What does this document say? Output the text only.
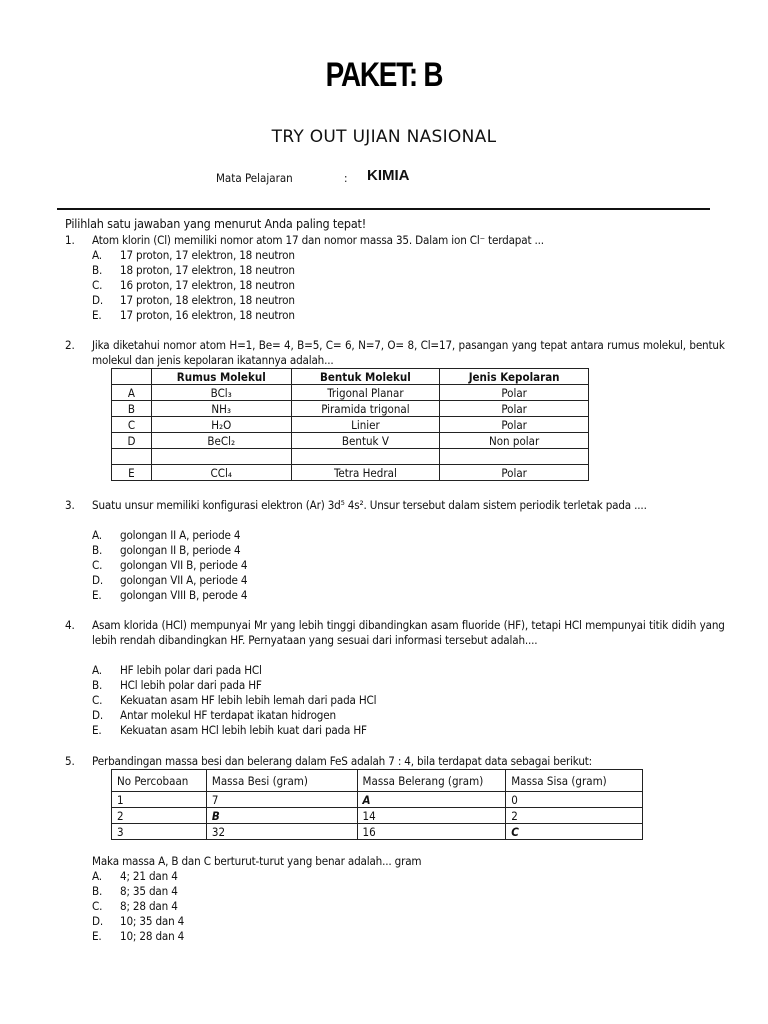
PAKET: B
TRY OUT UJIAN NASIONAL
Mata Pelajaran	: KIMIA
Pilihlah satu jawaban yang menurut Anda paling tepat!
1. Atom klorin (Cl) memiliki nomor atom 17 dan nomor massa 35. Dalam ion Cl⁻ terdapat ...
A. 17 proton, 17 elektron, 18 neutron
B. 18 proton, 17 elektron, 18 neutron
C. 16 proton, 17 elektron, 18 neutron
D. 17 proton, 18 elektron, 18 neutron
E. 17 proton, 16 elektron, 18 neutron
2. Jika diketahui nomor atom H=1, Be= 4, B=5, C= 6, N=7, O= 8, Cl=17, pasangan yang tepat antara rumus molekul, bentuk molekul dan jenis kepolaran ikatannya adalah...
	Rumus Molekul	Bentuk Molekul	Jenis Kepolaran
A	BCl₃	Trigonal Planar	Polar
B	NH₃	Piramida trigonal	Polar
C	H₂O	Linier	Polar
D	BeCl₂	Bentuk V	Non polar

E	CCl₄	Tetra Hedral	Polar
3. Suatu unsur memiliki konfigurasi elektron (Ar) 3d⁵ 4s². Unsur tersebut dalam sistem periodik terletak pada ....
A. golongan II A, periode 4
B. golongan II B, periode 4
C. golongan VII B, periode 4
D. golongan VII A, periode 4
E. golongan VIII B, perode 4
4. Asam klorida (HCl) mempunyai Mr yang lebih tinggi dibandingkan asam fluoride (HF), tetapi HCl mempunyai titik didih yang lebih rendah dibandingkan HF. Pernyataan yang sesuai dari informasi tersebut adalah....
A. HF lebih polar dari pada HCl
B. HCl lebih polar dari pada HF
C. Kekuatan asam HF lebih lebih lemah dari pada HCl
D. Antar molekul HF terdapat ikatan hidrogen
E. Kekuatan asam HCl lebih lebih kuat dari pada HF
5. Perbandingan massa besi dan belerang dalam FeS adalah 7 : 4, bila terdapat data sebagai berikut:
No Percobaan	Massa Besi (gram)	Massa Belerang (gram)	Massa Sisa (gram)
1	7	A	0
2	B	14	2
3	32	16	C
Maka massa A, B dan C berturut-turut yang benar adalah... gram
A. 4; 21 dan 4
B. 8; 35 dan 4
C. 8; 28 dan 4
D. 10; 35 dan 4
E. 10; 28 dan 4
